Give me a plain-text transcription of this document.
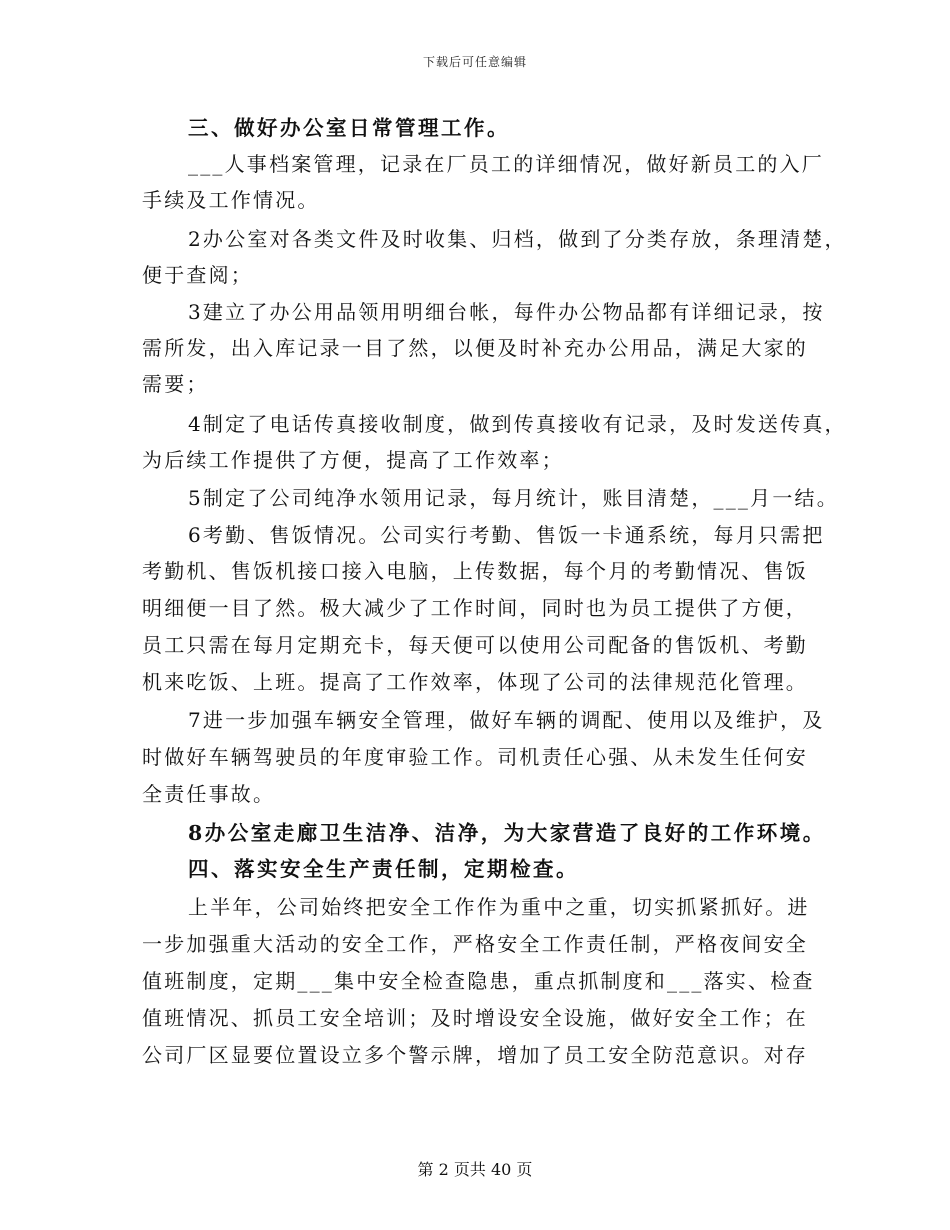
下载后可任意编辑
三、做好办公室日常管理工作。
___人事档案管理，记录在厂员工的详细情况，做好新员工的入厂
手续及工作情况。
2办公室对各类文件及时收集、归档，做到了分类存放，条理清楚，
便于查阅；
3建立了办公用品领用明细台帐，每件办公物品都有详细记录，按
需所发，出入库记录一目了然，以便及时补充办公用品，满足大家的
需要；
4制定了电话传真接收制度，做到传真接收有记录，及时发送传真，
为后续工作提供了方便，提高了工作效率；
5制定了公司纯净水领用记录，每月统计，账目清楚，___月一结。
6考勤、售饭情况。公司实行考勤、售饭一卡通系统，每月只需把
考勤机、售饭机接口接入电脑，上传数据，每个月的考勤情况、售饭
明细便一目了然。极大减少了工作时间，同时也为员工提供了方便，
员工只需在每月定期充卡，每天便可以使用公司配备的售饭机、考勤
机来吃饭、上班。提高了工作效率，体现了公司的法律规范化管理。
7进一步加强车辆安全管理，做好车辆的调配、使用以及维护，及
时做好车辆驾驶员的年度审验工作。司机责任心强、从未发生任何安
全责任事故。
8办公室走廊卫生洁净、洁净，为大家营造了良好的工作环境。
四、落实安全生产责任制，定期检查。
上半年，公司始终把安全工作作为重中之重，切实抓紧抓好。进
一步加强重大活动的安全工作，严格安全工作责任制，严格夜间安全
值班制度，定期___集中安全检查隐患，重点抓制度和___落实、检查
值班情况、抓员工安全培训；及时增设安全设施，做好安全工作；在
公司厂区显要位置设立多个警示牌，增加了员工安全防范意识。对存
第 2 页共 40 页
